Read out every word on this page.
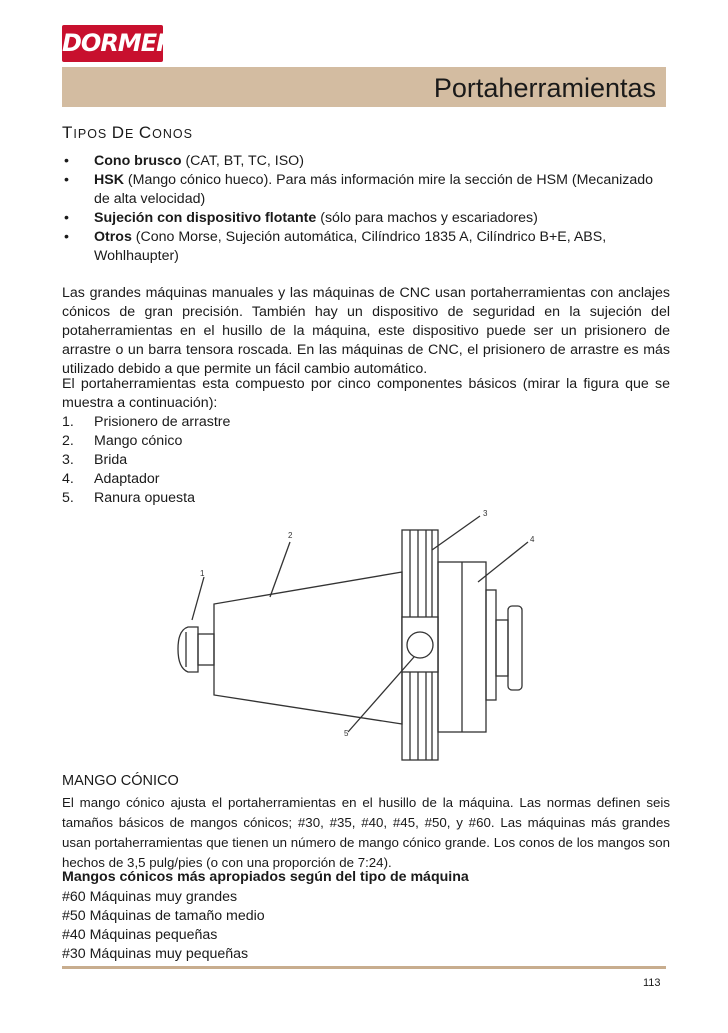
DORMER
Portaherramientas
TIPOS DE CONOS
• Cono brusco (CAT, BT, TC, ISO)
• HSK (Mango cónico hueco). Para más información mire la sección de HSM (Mecanizado de alta velocidad)
• Sujeción con dispositivo flotante (sólo para machos y escariadores)
• Otros (Cono Morse, Sujeción automática, Cilíndrico 1835 A, Cilíndrico B+E, ABS, Wohlhaupter)

Las grandes máquinas manuales y las máquinas de CNC usan portaherramientas con anclajes cónicos de gran precisión. También hay un dispositivo de seguridad en la sujeción del potaherramientas en el husillo de la máquina, este dispositivo puede ser un prisionero de arrastre o un barra tensora roscada. En las máquinas de CNC, el prisionero de arrastre es más utilizado debido a que permite un fácil cambio automático.

El portaherramientas esta compuesto por cinco componentes básicos (mirar la figura que se muestra a continuación):

1. Prisionero de arrastre
2. Mango cónico
3. Brida
4. Adaptador
5. Ranura opuesta
1
2
3
4
5
MANGO CÓNICO

El mango cónico ajusta el portaherramientas en el husillo de la máquina. Las normas definen seis tamaños básicos de mangos cónicos; #30, #35, #40, #45, #50, y #60. Las máquinas más grandes usan portaherramientas que tienen un número de mango cónico grande. Los conos de los mangos son hechos de 3,5 pulg/pies (o con una proporción de 7:24).

Mangos cónicos más apropiados según del tipo de máquina
#60 Máquinas muy grandes
#50 Máquinas de tamaño medio
#40 Máquinas pequeñas
#30 Máquinas muy pequeñas
113
